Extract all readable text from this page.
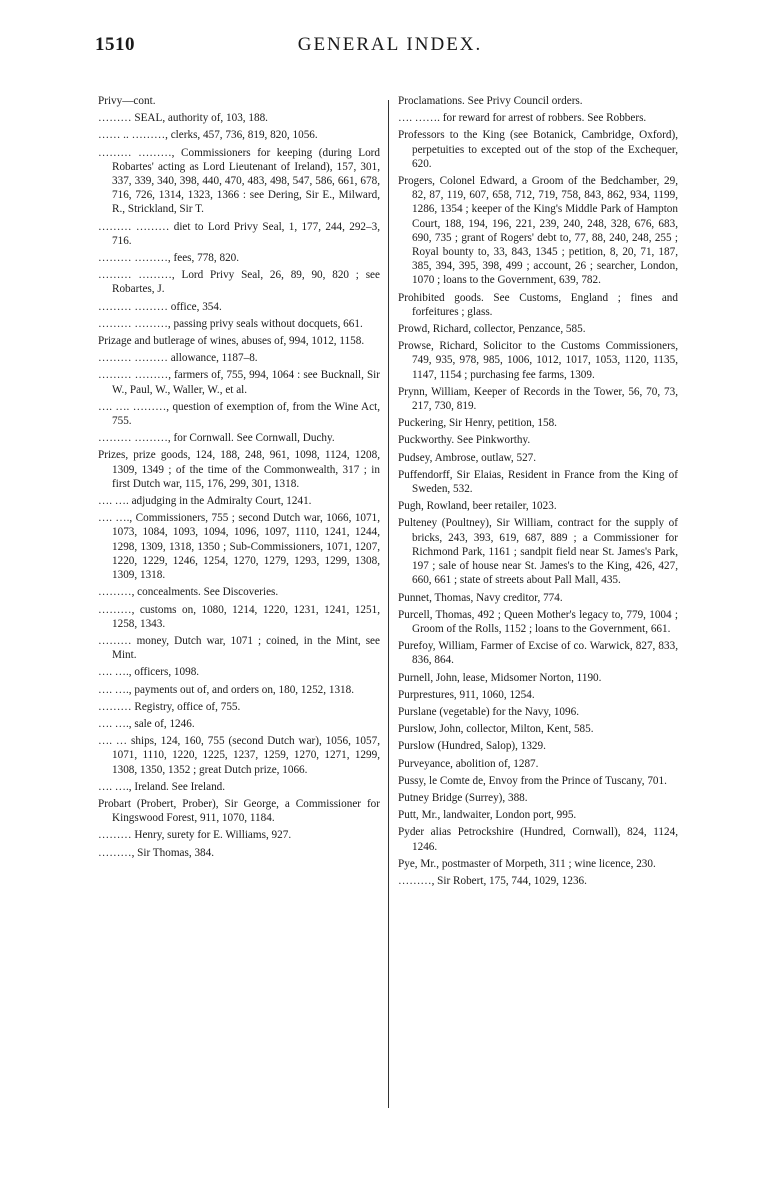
1510	GENERAL INDEX.
Privy—cont.
……… SEAL, authority of, 103, 188.
…… .. ………, clerks, 457, 736, 819, 820, 1056.
……… ………, Commissioners for keeping (during Lord Robartes' acting as Lord Lieutenant of Ireland), 157, 301, 337, 339, 340, 398, 440, 470, 483, 498, 547, 586, 661, 678, 716, 726, 1314, 1323, 1366 : see Dering, Sir E., Milward, R., Strickland, Sir T.
……… ……… diet to Lord Privy Seal, 1, 177, 244, 292–3, 716.
……… ………, fees, 778, 820.
……… ………, Lord Privy Seal, 26, 89, 90, 820 ; see Robartes, J.
……… ……… office, 354.
……… ………, passing privy seals without docquets, 661.
Prizage and butlerage of wines, abuses of, 994, 1012, 1158.
……… ……… allowance, 1187–8.
……… ………, farmers of, 755, 994, 1064 : see Bucknall, Sir W., Paul, W., Waller, W., et al.
…. …. ………, question of exemption of, from the Wine Act, 755.
……… ………, for Cornwall. See Cornwall, Duchy.
Prizes, prize goods, 124, 188, 248, 961, 1098, 1124, 1208, 1309, 1349 ; of the time of the Commonwealth, 317 ; in first Dutch war, 115, 176, 299, 301, 1318.
…. …. adjudging in the Admiralty Court, 1241.
…. …., Commissioners, 755 ; second Dutch war, 1066, 1071, 1073, 1084, 1093, 1094, 1096, 1097, 1110, 1241, 1244, 1298, 1309, 1318, 1350 ; Sub-Commissioners, 1071, 1207, 1220, 1229, 1246, 1254, 1270, 1279, 1293, 1299, 1308, 1309, 1318.
………, concealments. See Discoveries.
………, customs on, 1080, 1214, 1220, 1231, 1241, 1251, 1258, 1343.
……… money, Dutch war, 1071 ; coined, in the Mint, see Mint.
…. …., officers, 1098.
…. …., payments out of, and orders on, 180, 1252, 1318.
……… Registry, office of, 755.
…. …., sale of, 1246.
…. … ships, 124, 160, 755 (second Dutch war), 1056, 1057, 1071, 1110, 1220, 1225, 1237, 1259, 1270, 1271, 1299, 1308, 1350, 1352 ; great Dutch prize, 1066.
…. …., Ireland. See Ireland.
Probart (Probert, Prober), Sir George, a Commissioner for Kingswood Forest, 911, 1070, 1184.
……… Henry, surety for E. Williams, 927.
………, Sir Thomas, 384.
Proclamations. See Privy Council orders.
…. ……. for reward for arrest of robbers. See Robbers.
Professors to the King (see Botanick, Cambridge, Oxford), perpetuities to excepted out of the stop of the Exchequer, 620.
Progers, Colonel Edward, a Groom of the Bedchamber, 29, 82, 87, 119, 607, 658, 712, 719, 758, 843, 862, 934, 1199, 1286, 1354 ; keeper of the King's Middle Park of Hampton Court, 188, 194, 196, 221, 239, 240, 248, 328, 676, 683, 690, 735 ; grant of Rogers' debt to, 77, 88, 240, 248, 255 ; Royal bounty to, 33, 843, 1345 ; petition, 8, 20, 71, 187, 385, 394, 395, 398, 499 ; account, 26 ; searcher, London, 1070 ; loans to the Government, 639, 782.
Prohibited goods. See Customs, England ; fines and forfeitures ; glass.
Prowd, Richard, collector, Penzance, 585.
Prowse, Richard, Solicitor to the Customs Commissioners, 749, 935, 978, 985, 1006, 1012, 1017, 1053, 1120, 1135, 1147, 1154 ; purchasing fee farms, 1309.
Prynn, William, Keeper of Records in the Tower, 56, 70, 73, 217, 730, 819.
Puckering, Sir Henry, petition, 158.
Puckworthy. See Pinkworthy.
Pudsey, Ambrose, outlaw, 527.
Puffendorff, Sir Elaias, Resident in France from the King of Sweden, 532.
Pugh, Rowland, beer retailer, 1023.
Pulteney (Poultney), Sir William, contract for the supply of bricks, 243, 393, 619, 687, 889 ; a Commissioner for Richmond Park, 1161 ; sandpit field near St. James's Park, 197 ; sale of house near St. James's to the King, 426, 427, 660, 661 ; state of streets about Pall Mall, 435.
Punnet, Thomas, Navy creditor, 774.
Purcell, Thomas, 492 ; Queen Mother's legacy to, 779, 1004 ; Groom of the Rolls, 1152 ; loans to the Government, 661.
Purefoy, William, Farmer of Excise of co. Warwick, 827, 833, 836, 864.
Purnell, John, lease, Midsomer Norton, 1190.
Purprestures, 911, 1060, 1254.
Purslane (vegetable) for the Navy, 1096.
Purslow, John, collector, Milton, Kent, 585.
Purslow (Hundred, Salop), 1329.
Purveyance, abolition of, 1287.
Pussy, le Comte de, Envoy from the Prince of Tuscany, 701.
Putney Bridge (Surrey), 388.
Putt, Mr., landwaiter, London port, 995.
Pyder alias Petrockshire (Hundred, Cornwall), 824, 1124, 1246.
Pye, Mr., postmaster of Morpeth, 311 ; wine licence, 230.
………, Sir Robert, 175, 744, 1029, 1236.
